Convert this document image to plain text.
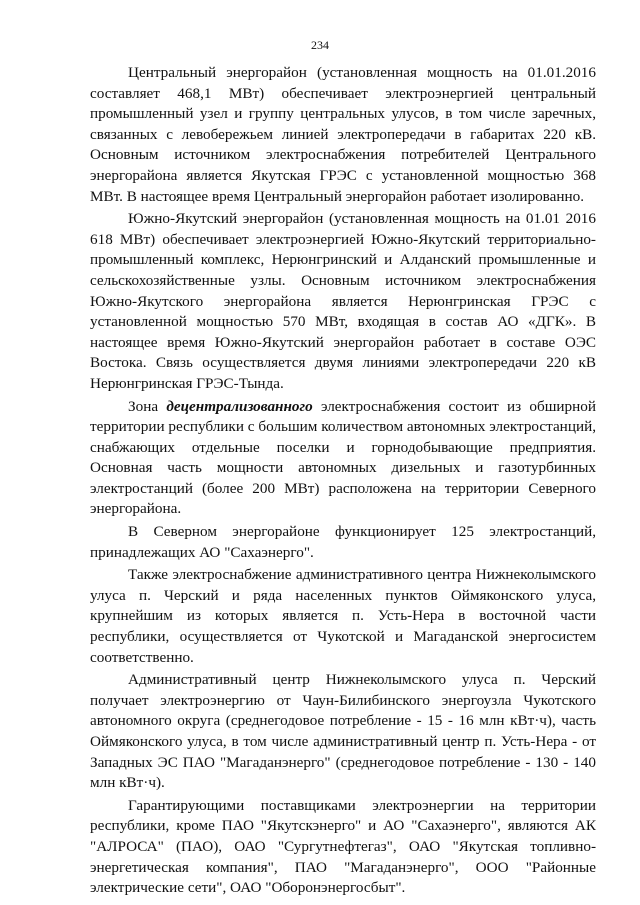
234

Центральный энергорайон (установленная мощность на 01.01.2016 составляет 468,1 МВт) обеспечивает электроэнергией центральный промышленный узел и группу центральных улусов, в том числе заречных, связанных с левобережьем линией электропередачи в габаритах 220 кВ. Основным источником электроснабжения потребителей Центрального энергорайона является Якутская ГРЭС с установленной мощностью 368 МВт. В настоящее время Центральный энергорайон работает изолированно.

Южно-Якутский энергорайон (установленная мощность на 01.01 2016 618 МВт) обеспечивает электроэнергией Южно-Якутский территориально-промышленный комплекс, Нерюнгринский и Алданский промышленные и сельскохозяйственные узлы. Основным источником электроснабжения Южно-Якутского энергорайона является Нерюнгринская ГРЭС с установленной мощностью 570 МВт, входящая в состав АО «ДГК». В настоящее время Южно-Якутский энергорайон работает в составе ОЭС Востока. Связь осуществляется двумя линиями электропередачи 220 кВ Нерюнгринская ГРЭС-Тында.

Зона децентрализованного электроснабжения состоит из обширной территории республики с большим количеством автономных электростанций, снабжающих отдельные поселки и горнодобывающие предприятия. Основная часть мощности автономных дизельных и газотурбинных электростанций (более 200 МВт) расположена на территории Северного энергорайона.

В Северном энергорайоне функционирует 125 электростанций, принадлежащих АО "Сахаэнерго".

Также электроснабжение административного центра Нижнеколымского улуса п. Черский и ряда населенных пунктов Оймяконского улуса, крупнейшим из которых является п. Усть-Нера в восточной части республики, осуществляется от Чукотской и Магаданской энергосистем соответственно.

Административный центр Нижнеколымского улуса п. Черский получает электроэнергию от Чаун-Билибинского энергоузла Чукотского автономного округа (среднегодовое потребление - 15 - 16 млн кВт·ч), часть Оймяконского улуса, в том числе административный центр п. Усть-Нера - от Западных ЭС ПАО "Магаданэнерго" (среднегодовое потребление - 130 - 140 млн кВт·ч).

Гарантирующими поставщиками электроэнергии на территории республики, кроме ПАО "Якутскэнерго" и АО "Сахаэнерго", являются АК "АЛРОСА" (ПАО), ОАО "Сургутнефтегаз", ОАО "Якутская топливно-энергетическая компания", ПАО "Магаданэнерго", ООО "Районные электрические сети", ОАО "Оборонэнергосбыт".
